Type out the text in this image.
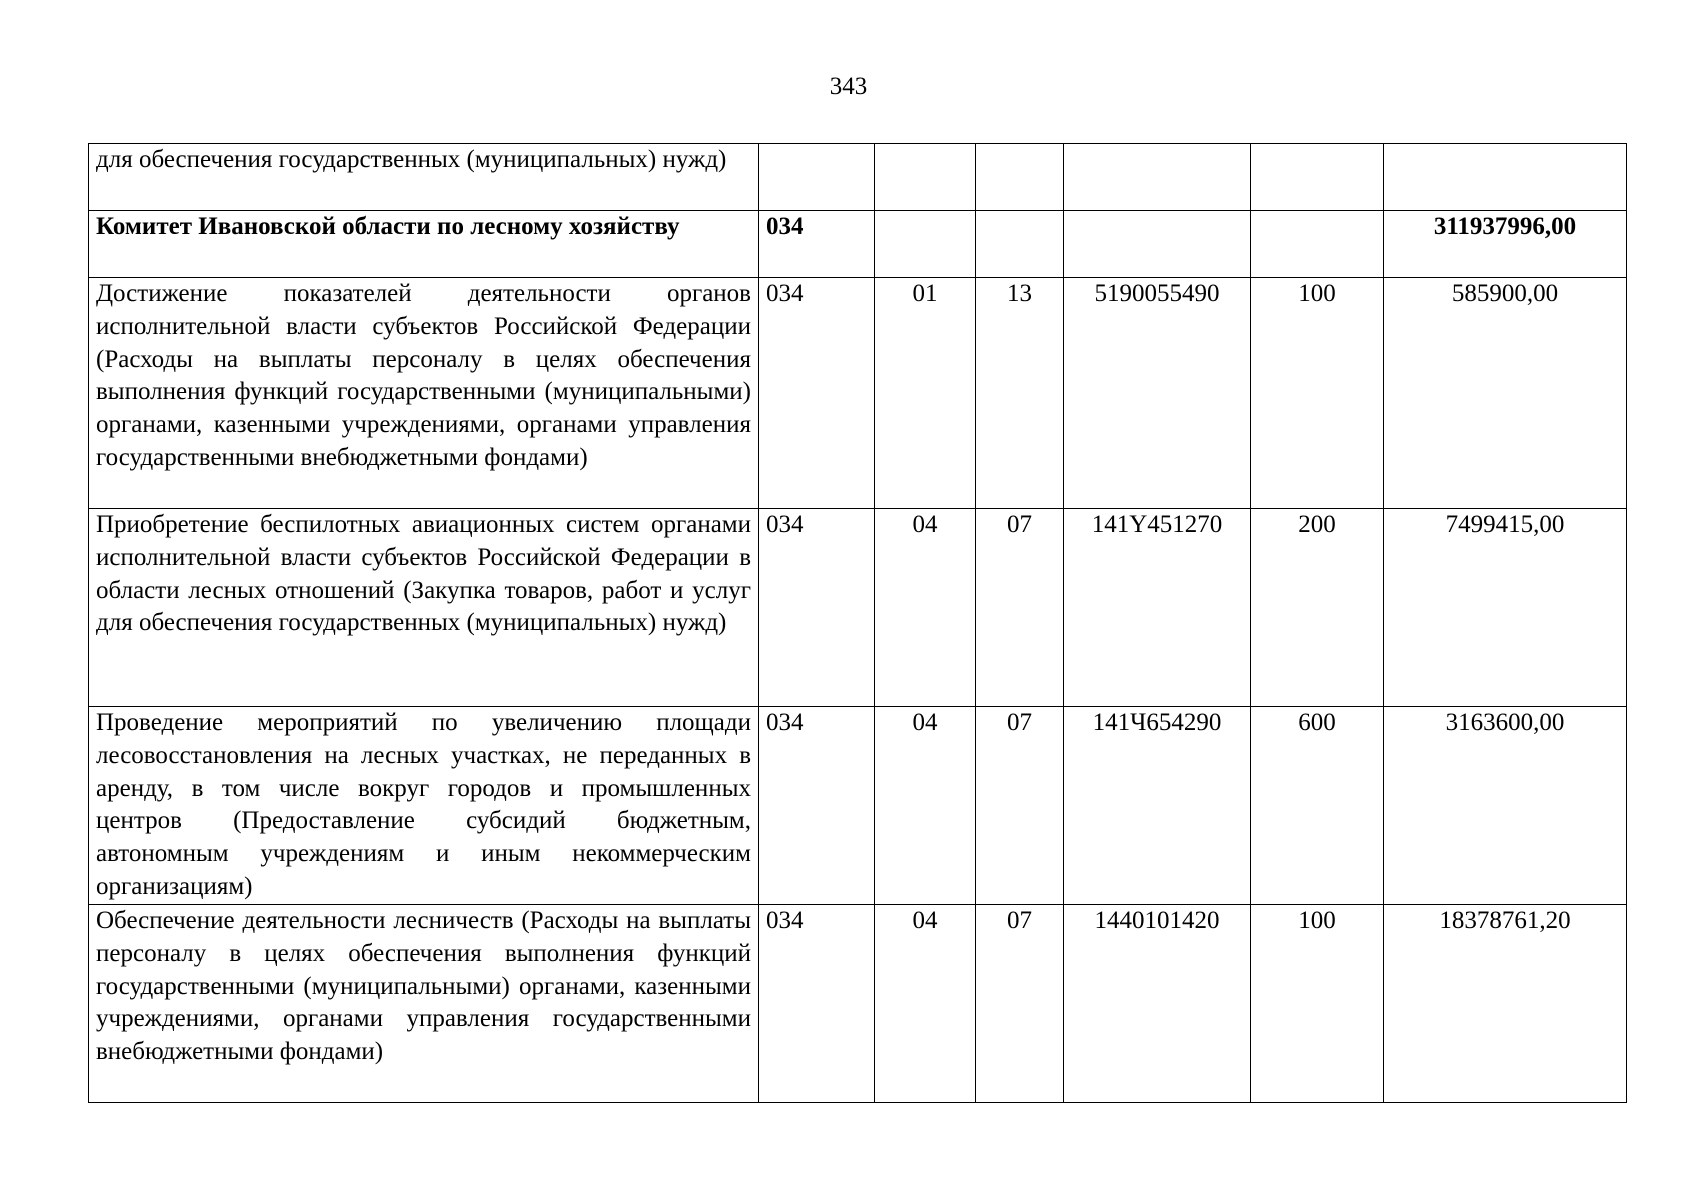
343
для обеспечения государственных (муниципальных) нужд)						
Комитет Ивановской области по лесному хозяйству	034					311937996,00
Достижение показателей деятельности органов исполнительной власти субъектов Российской Федерации (Расходы на выплаты персоналу в целях обеспечения выполнения функций государственными (муниципальными) органами, казенными учреждениями, органами управления государственными внебюджетными фондами)	034	01	13	5190055490	100	585900,00
Приобретение беспилотных авиационных систем органами исполнительной власти субъектов Российской Федерации в области лесных отношений (Закупка товаров, работ и услуг для обеспечения государственных (муниципальных) нужд)	034	04	07	141Y451270	200	7499415,00
Проведение мероприятий по увеличению площади лесовосстановления на лесных участках, не переданных в аренду, в том числе вокруг городов и промышленных центров (Предоставление субсидий бюджетным, автономным учреждениям и иным некоммерческим организациям)	034	04	07	141Ч654290	600	3163600,00
Обеспечение деятельности лесничеств (Расходы на выплаты персоналу в целях обеспечения выполнения функций государственными (муниципальными) органами, казенными учреждениями, органами управления государственными внебюджетными фондами)	034	04	07	1440101420	100	18378761,20
